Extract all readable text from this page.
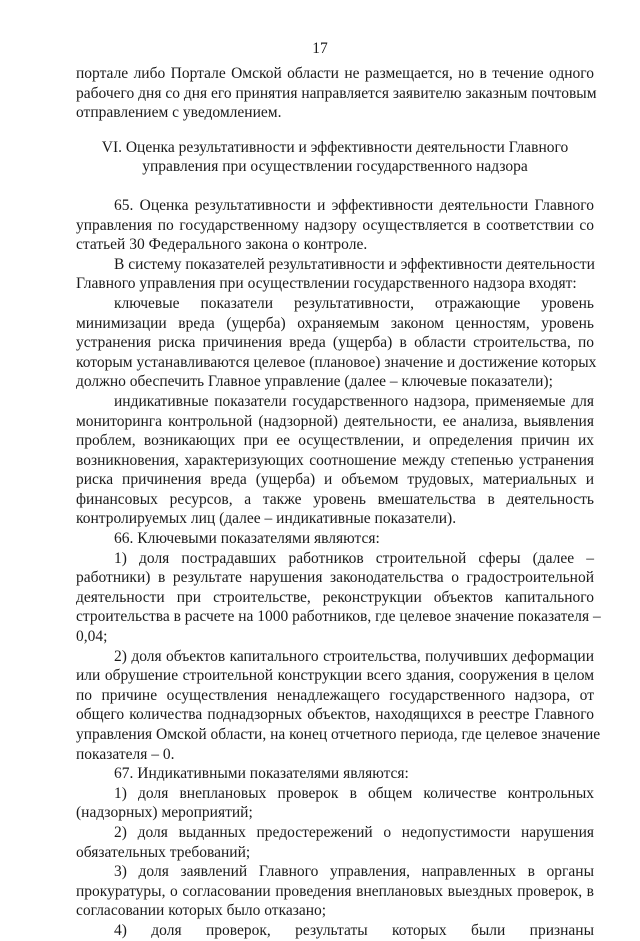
17
портале либо Портале Омской области не размещается, но в течение одного
рабочего дня со дня его принятия направляется заявителю заказным почтовым
отправлением с уведомлением.
VI. Оценка результативности и эффективности деятельности Главного
управления при осуществлении государственного надзора
65. Оценка результативности и эффективности деятельности Главного
управления по государственному надзору осуществляется в соответствии со
статьей 30 Федерального закона о контроле.
В систему показателей результативности и эффективности деятельности
Главного управления при осуществлении государственного надзора входят:
ключевые показатели результативности, отражающие уровень
минимизации вреда (ущерба) охраняемым законом ценностям, уровень
устранения риска причинения вреда (ущерба) в области строительства, по
которым устанавливаются целевое (плановое) значение и достижение которых
должно обеспечить Главное управление (далее – ключевые показатели);
индикативные показатели государственного надзора, применяемые для
мониторинга контрольной (надзорной) деятельности, ее анализа, выявления
проблем, возникающих при ее осуществлении, и определения причин их
возникновения, характеризующих соотношение между степенью устранения
риска причинения вреда (ущерба) и объемом трудовых, материальных и
финансовых ресурсов, а также уровень вмешательства в деятельность
контролируемых лиц (далее – индикативные показатели).
66. Ключевыми показателями являются:
1) доля пострадавших работников строительной сферы (далее –
работники) в результате нарушения законодательства о градостроительной
деятельности при строительстве, реконструкции объектов капитального
строительства в расчете на 1000 работников, где целевое значение показателя –
0,04;
2) доля объектов капитального строительства, получивших деформации
или обрушение строительной конструкции всего здания, сооружения в целом
по причине осуществления ненадлежащего государственного надзора, от
общего количества поднадзорных объектов, находящихся в реестре Главного
управления Омской области, на конец отчетного периода, где целевое значение
показателя – 0.
67. Индикативными показателями являются:
1) доля внеплановых проверок в общем количестве контрольных
(надзорных) мероприятий;
2) доля выданных предостережений о недопустимости нарушения
обязательных требований;
3) доля заявлений Главного управления, направленных в органы
прокуратуры, о согласовании проведения внеплановых выездных проверок, в
согласовании которых было отказано;
4) доля проверок, результаты которых были признаны
